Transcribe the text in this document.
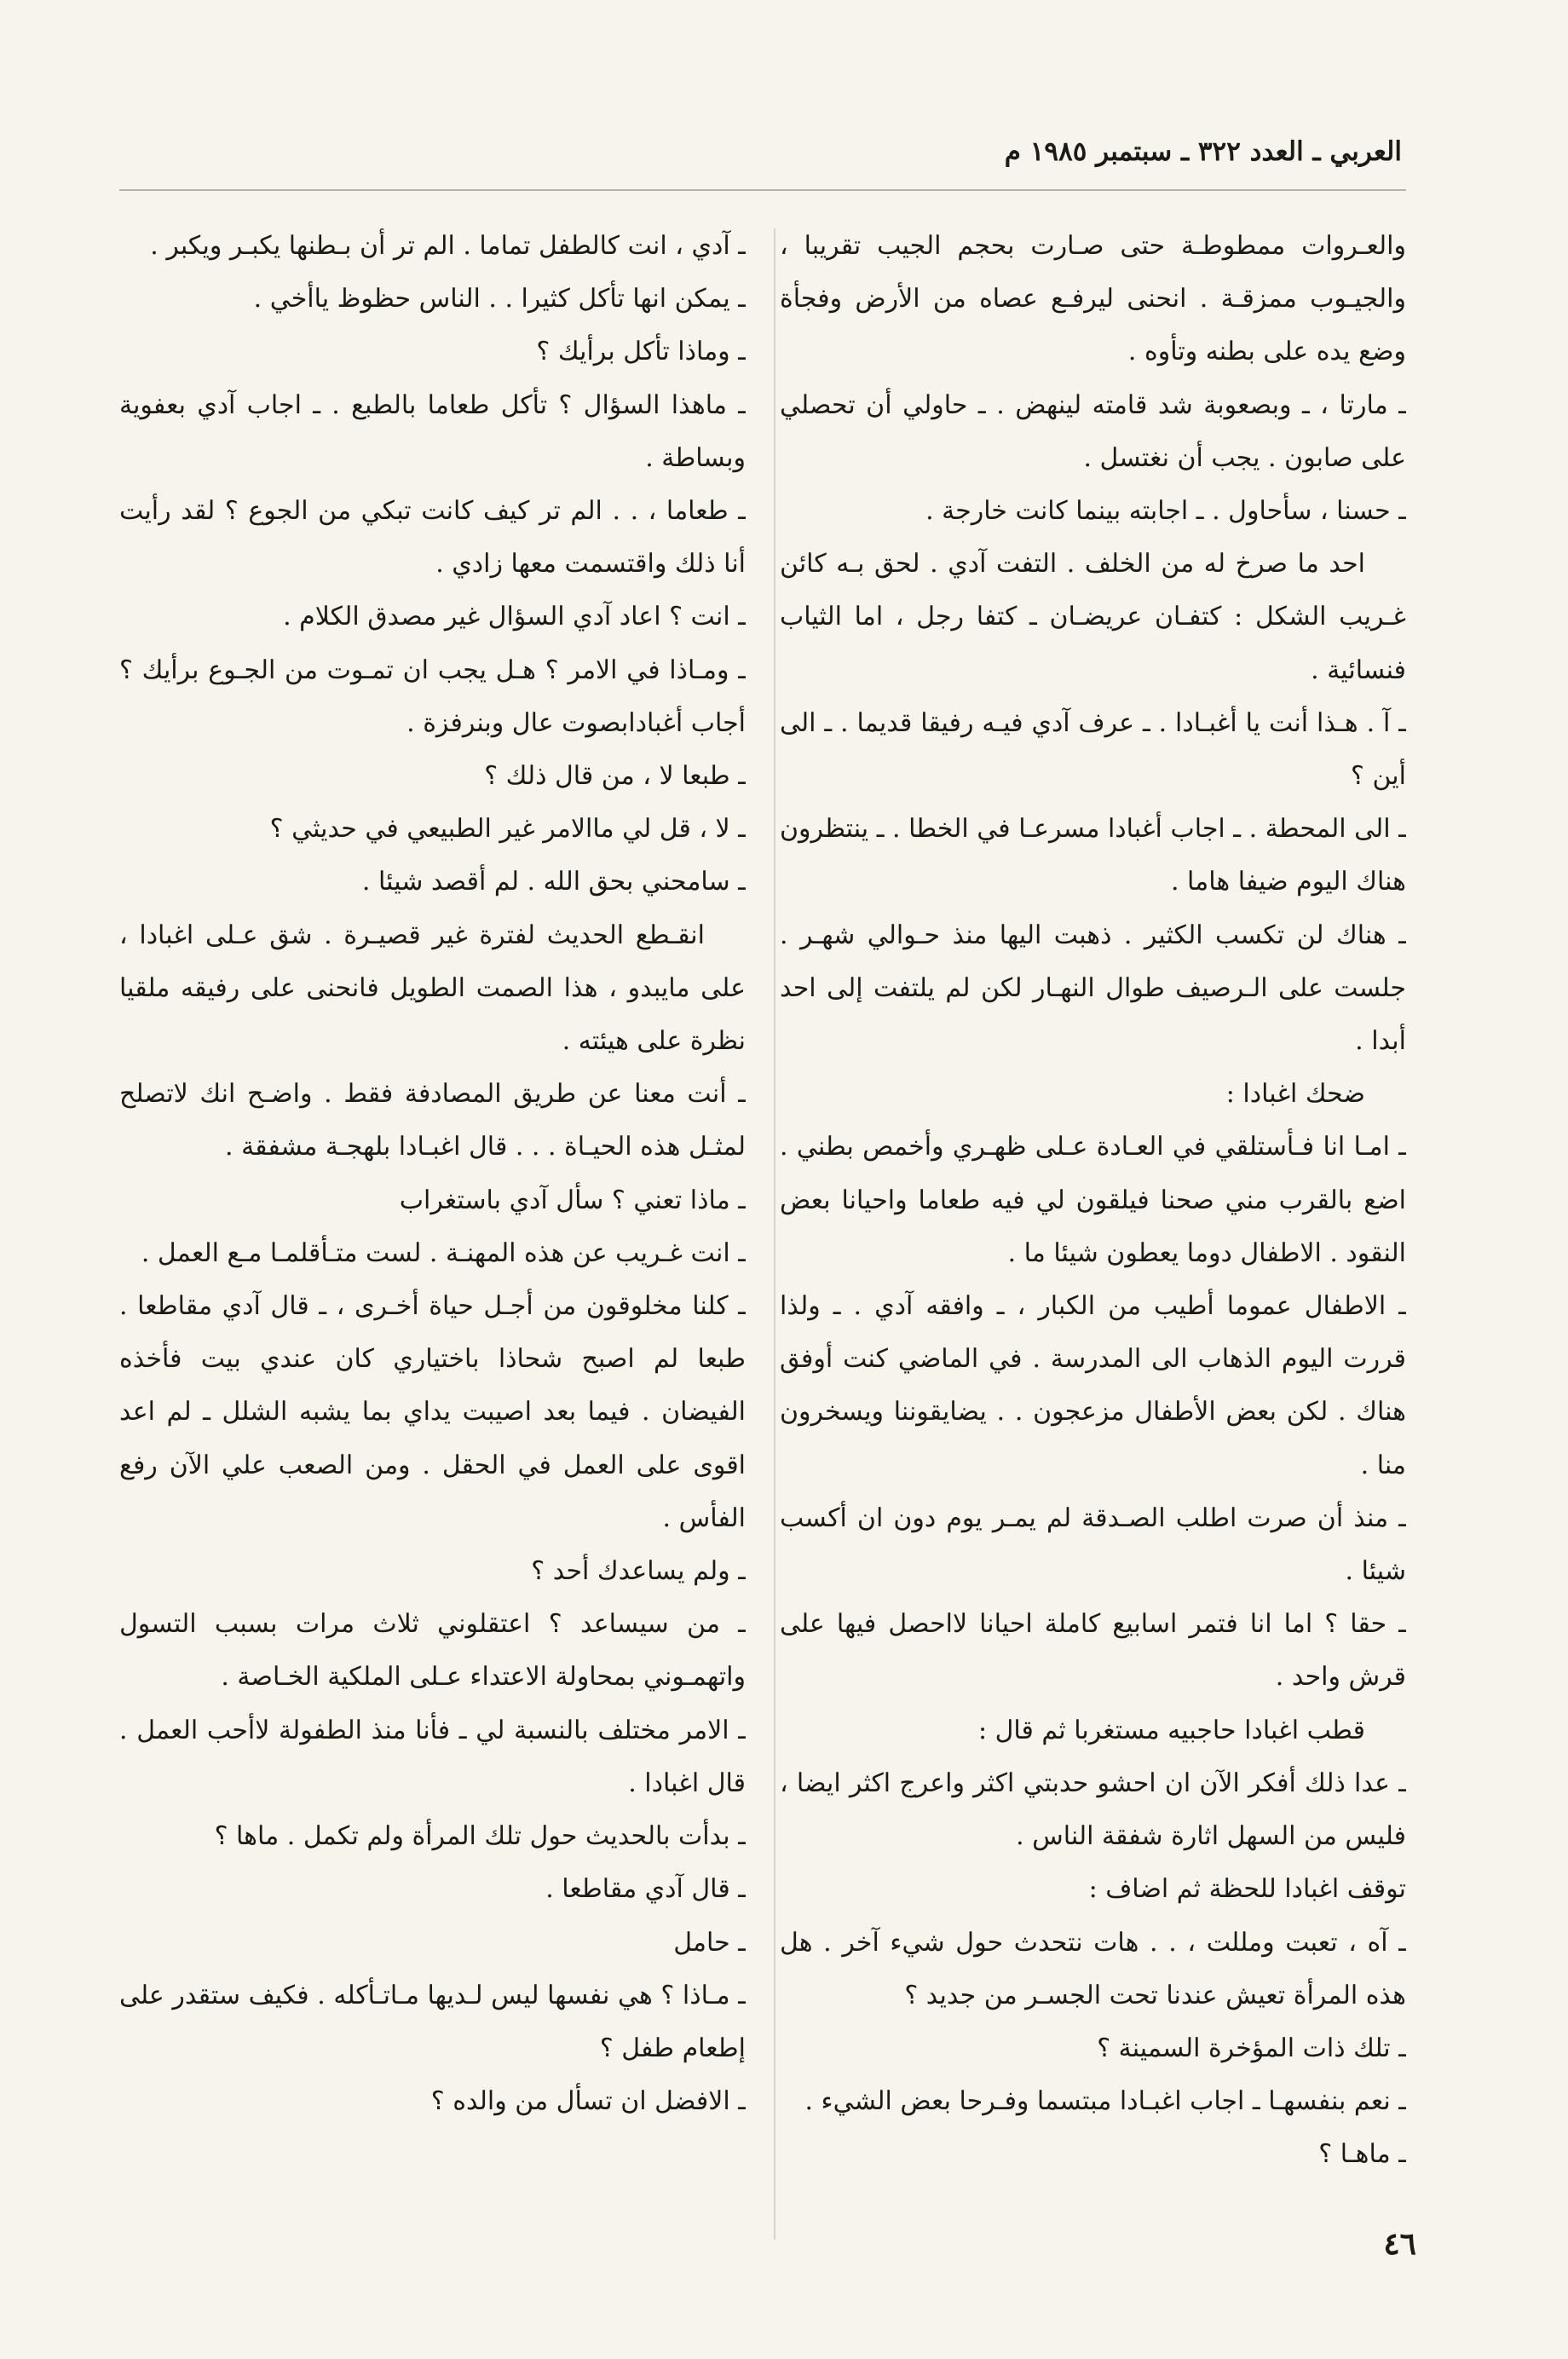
العربي ـ العدد ٣٢٢ ـ سبتمبر ١٩٨٥ م

والعـروات ممطوطـة حتى صـارت بحجم الجيب تقريبا ، والجيـوب ممزقـة . انحنى ليرفـع عصاه من الأرض وفجأة وضع يده على بطنه وتأوه .

ـ مارتا ، ـ وبصعوبة شد قامته لينهض . ـ حاولي أن تحصلي على صابون . يجب أن نغتسل .

ـ حسنا ، سأحاول . ـ اجابته بينما كانت خارجة .

احد ما صرخ له من الخلف . التفت آدي . لحق بـه كائن غـريب الشكل : كتفـان عريضـان ـ كتفا رجل ، اما الثياب فنسائية .

ـ آ . هـذا أنت يا أغبـادا . ـ عرف آدي فيـه رفيقا قديما . ـ الى أين ؟

ـ الى المحطة . ـ اجاب أغبادا مسرعـا في الخطا . ـ ينتظرون هناك اليوم ضيفا هاما .

ـ هناك لن تكسب الكثير . ذهبت اليها منذ حـوالي شهـر . جلست على الـرصيف طوال النهـار لكن لم يلتفت إلى احد أبدا .

ضحك اغبادا :

ـ امـا انا فـأستلقي في العـادة عـلى ظهـري وأخمص بطني . اضع بالقرب مني صحنا فيلقون لي فيه طعاما واحيانا بعض النقود . الاطفال دوما يعطون شيئا ما .

ـ الاطفال عموما أطيب من الكبار ، ـ وافقه آدي . ـ ولذا قررت اليوم الذهاب الى المدرسة . في الماضي كنت أوفق هناك . لكن بعض الأطفال مزعجون . . يضايقوننا ويسخرون منا .

ـ منذ أن صرت اطلب الصـدقة لم يمـر يوم دون ان أكسب شيئا .

ـ حقا ؟ اما انا فتمر اسابيع كاملة احيانا لااحصل فيها على قرش واحد .

قطب اغبادا حاجبيه مستغربا ثم قال :

ـ عدا ذلك أفكر الآن ان احشو حدبتي اكثر واعرج اكثر ايضا ، فليس من السهل اثارة شفقة الناس .

توقف اغبادا للحظة ثم اضاف :

ـ آه ، تعبت ومللت ، . . هات نتحدث حول شيء آخر . هل هذه المرأة تعيش عندنا تحت الجسـر من جديد ؟

ـ تلك ذات المؤخرة السمينة ؟

ـ نعم بنفسهـا ـ اجاب اغبـادا مبتسما وفـرحا بعض الشيء .

ـ ماهـا ؟

ـ آدي ، انت كالطفل تماما . الم تر أن بـطنها يكبـر ويكبر .

ـ يمكن انها تأكل كثيرا . . الناس حظوظ ياأخي .

ـ وماذا تأكل برأيك ؟

ـ ماهذا السؤال ؟ تأكل طعاما بالطبع . ـ اجاب آدي بعفوية وبساطة .

ـ طعاما ، . . الم تر كيف كانت تبكي من الجوع ؟ لقد رأيت أنا ذلك واقتسمت معها زادي .

ـ انت ؟ اعاد آدي السؤال غير مصدق الكلام .

ـ ومـاذا في الامر ؟ هـل يجب ان تمـوت من الجـوع برأيك ؟ أجاب أغبادابصوت عال وبنرفزة .

ـ طبعا لا ، من قال ذلك ؟

ـ لا ، قل لي ماالامر غير الطبيعي في حديثي ؟

ـ سامحني بحق الله . لم أقصد شيئا .

انقـطع الحديث لفترة غير قصيـرة . شق عـلى اغبادا ، على مايبدو ، هذا الصمت الطويل فانحنى على رفيقه ملقيا نظرة على هيئته .

ـ أنت معنا عن طريق المصادفة فقط . واضـح انك لاتصلح لمثـل هذه الحيـاة . . . قال اغبـادا بلهجـة مشفقة .

ـ ماذا تعني ؟ سأل آدي باستغراب

ـ انت غـريب عن هذه المهنـة . لست متـأقلمـا مـع العمل .

ـ كلنا مخلوقون من أجـل حياة أخـرى ، ـ قال آدي مقاطعا . طبعا لم اصبح شحاذا باختياري كان عندي بيت فأخذه الفيضان . فيما بعد اصيبت يداي بما يشبه الشلل ـ لم اعد اقوى على العمل في الحقل . ومن الصعب علي الآن رفع الفأس .

ـ ولم يساعدك أحد ؟

ـ من سيساعد ؟ اعتقلوني ثلاث مرات بسبب التسول واتهمـوني بمحاولة الاعتداء عـلى الملكية الخـاصة .

ـ الامر مختلف بالنسبة لي ـ فأنا منذ الطفولة لاأحب العمل . قال اغبادا .

ـ بدأت بالحديث حول تلك المرأة ولم تكمل . ماها ؟

ـ قال آدي مقاطعا .

ـ حامل

ـ مـاذا ؟ هي نفسها ليس لـديها مـاتـأكله . فكيف ستقدر على إطعام طفل ؟

ـ الافضل ان تسأل من والده ؟

٤٦
